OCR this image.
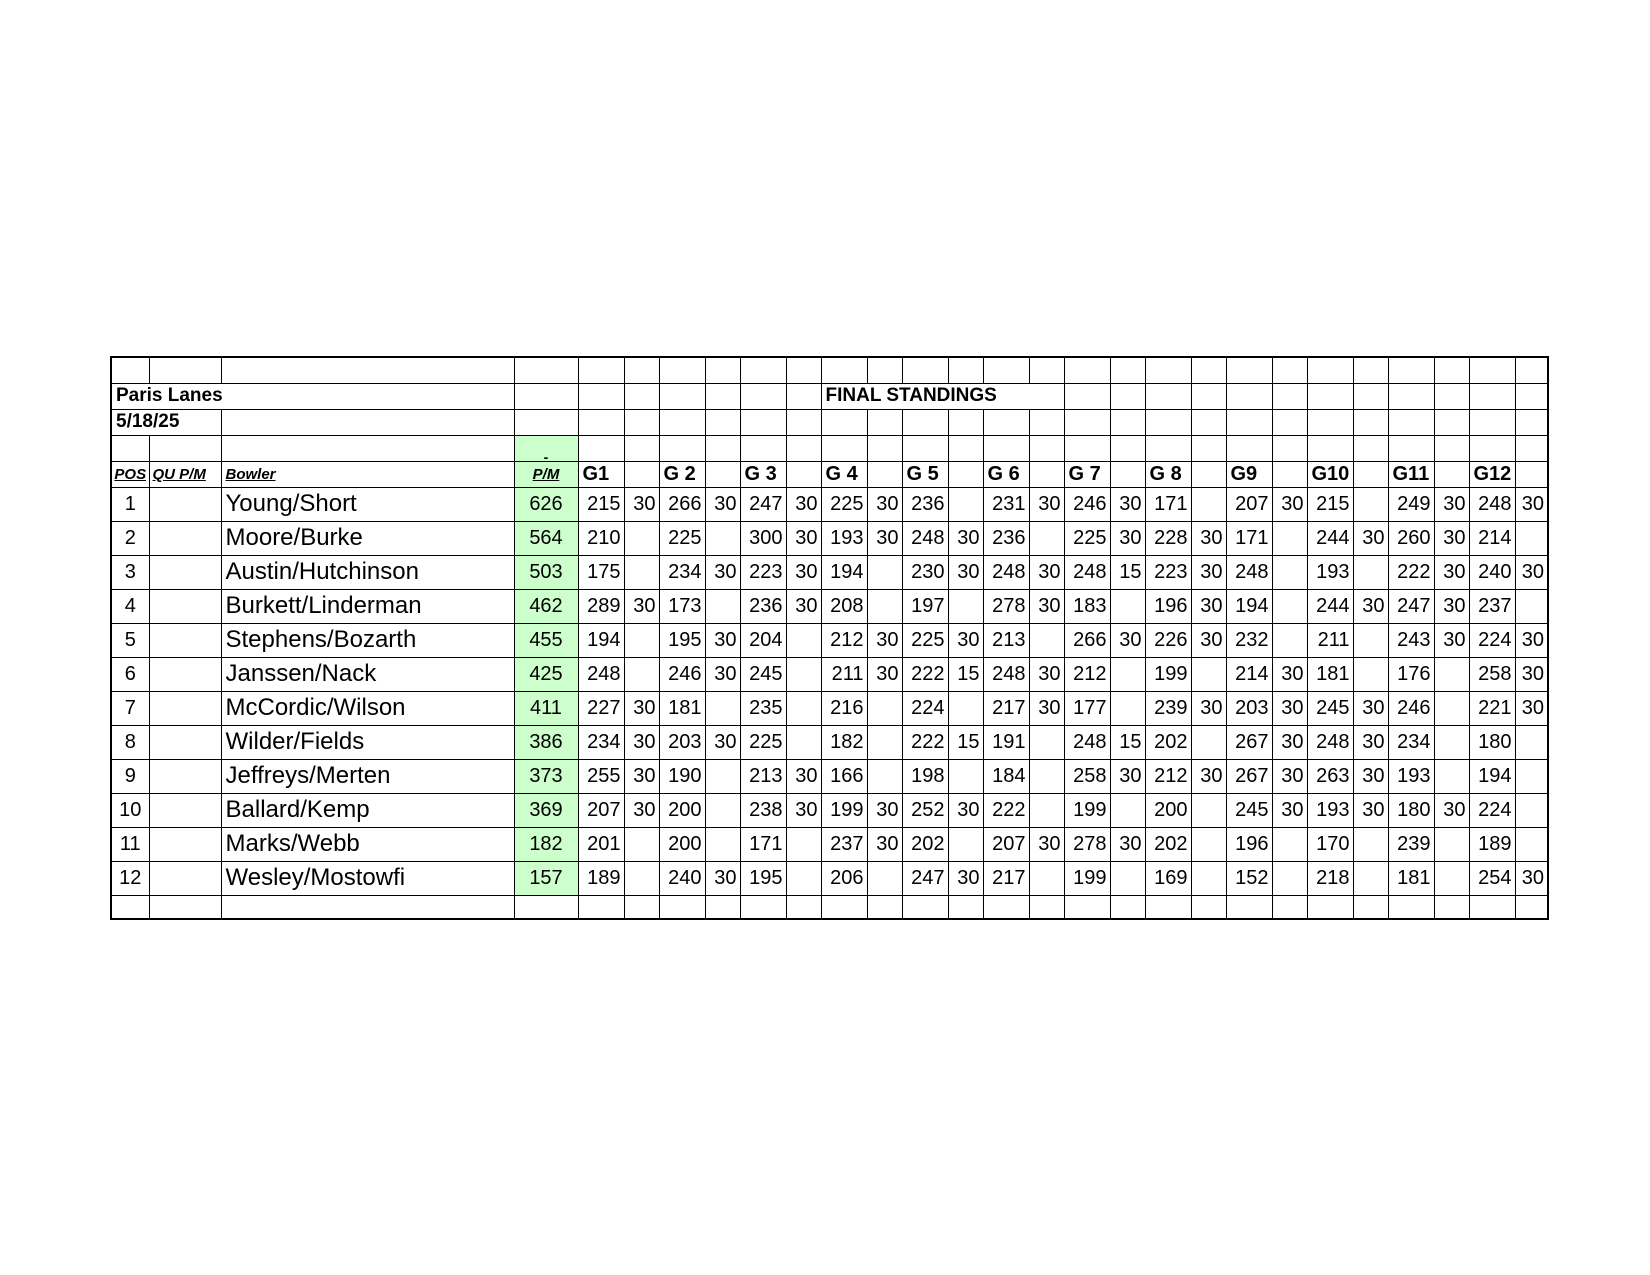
Paris Lanes										FINAL STANDINGS																	
5/18/25																											

			-																								

POS	QU P/M	Bowler	P/M	G1		G 2		G 3		G 4		G 5		G 6		G 7		G 8		G9		G10		G11		G12	
1		Young/Short	626	215	30	266	30	247	30	225	30	236		231	30	246	30	171		207	30	215		249	30	248	30
2		Moore/Burke	564	210		225		300	30	193	30	248	30	236		225	30	228	30	171		244	30	260	30	214	
3		Austin/Hutchinson	503	175		234	30	223	30	194		230	30	248	30	248	15	223	30	248		193		222	30	240	30
4		Burkett/Linderman	462	289	30	173		236	30	208		197		278	30	183		196	30	194		244	30	247	30	237	
5		Stephens/Bozarth	455	194		195	30	204		212	30	225	30	213		266	30	226	30	232		211		243	30	224	30
6		Janssen/Nack	425	248		246	30	245		211	30	222	15	248	30	212		199		214	30	181		176		258	30
7		McCordic/Wilson	411	227	30	181		235		216		224		217	30	177		239	30	203	30	245	30	246		221	30
8		Wilder/Fields	386	234	30	203	30	225		182		222	15	191		248	15	202		267	30	248	30	234		180	
9		Jeffreys/Merten	373	255	30	190		213	30	166		198		184		258	30	212	30	267	30	263	30	193		194	
10		Ballard/Kemp	369	207	30	200		238	30	199	30	252	30	222		199		200		245	30	193	30	180	30	224	
11		Marks/Webb	182	201		200		171		237	30	202		207	30	278	30	202		196		170		239		189	
12		Wesley/Mostowfi	157	189		240	30	195		206		247	30	217		199		169		152		218		181		254	30
